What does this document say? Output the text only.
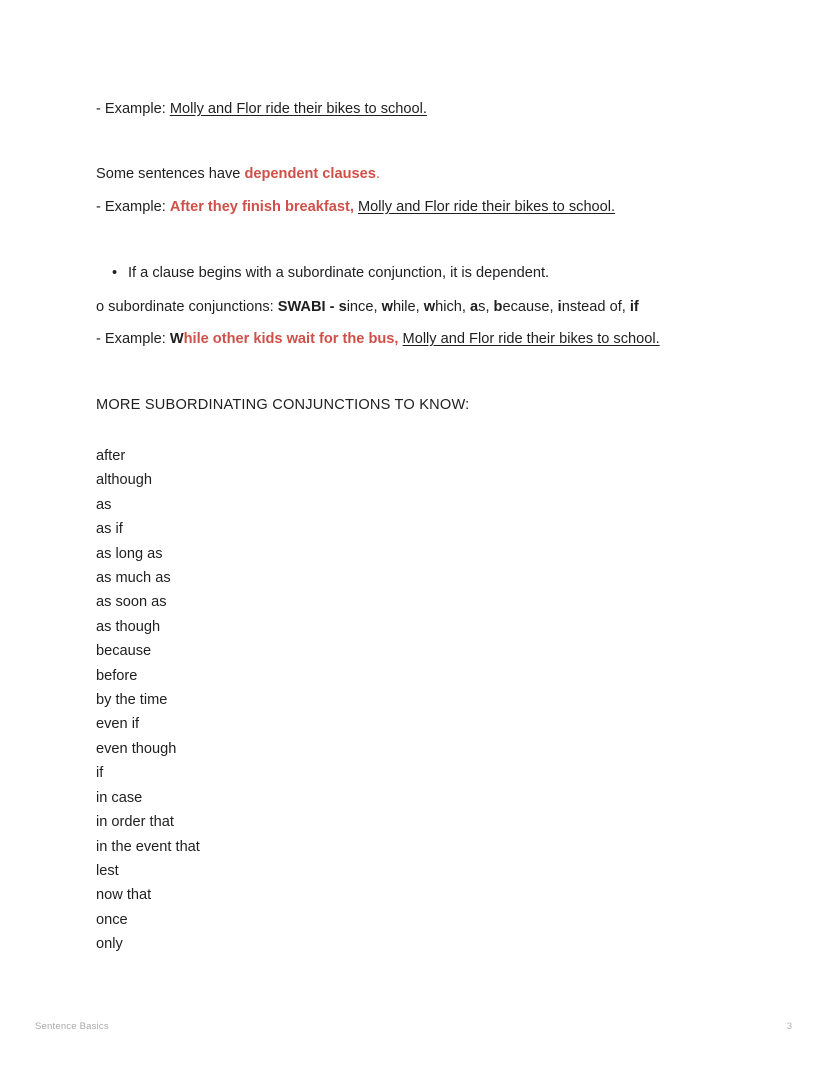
- Example: Molly and Flor ride their bikes to school.
Some sentences have dependent clauses.
- Example: After they finish breakfast, Molly and Flor ride their bikes to school.
• If a clause begins with a subordinate conjunction, it is dependent.
o subordinate conjunctions: SWABI - since, while, which, as, because, instead of, if
- Example: While other kids wait for the bus, Molly and Flor ride their bikes to school.
MORE SUBORDINATING CONJUNCTIONS TO KNOW:
after
although
as
as if
as long as
as much as
as soon as
as though
because
before
by the time
even if
even though
if
in case
in order that
in the event that
lest
now that
once
only
Sentence Basics	3
